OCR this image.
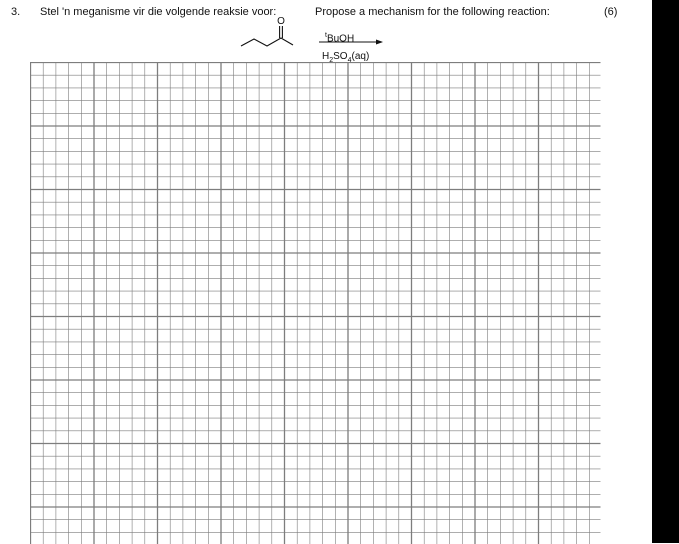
3. Stel 'n meganisme vir die volgende reaksie voor:	Propose a mechanism for the following reaction:	(6)
O
$^t$BuOH
$H_2SO_4(aq)$
